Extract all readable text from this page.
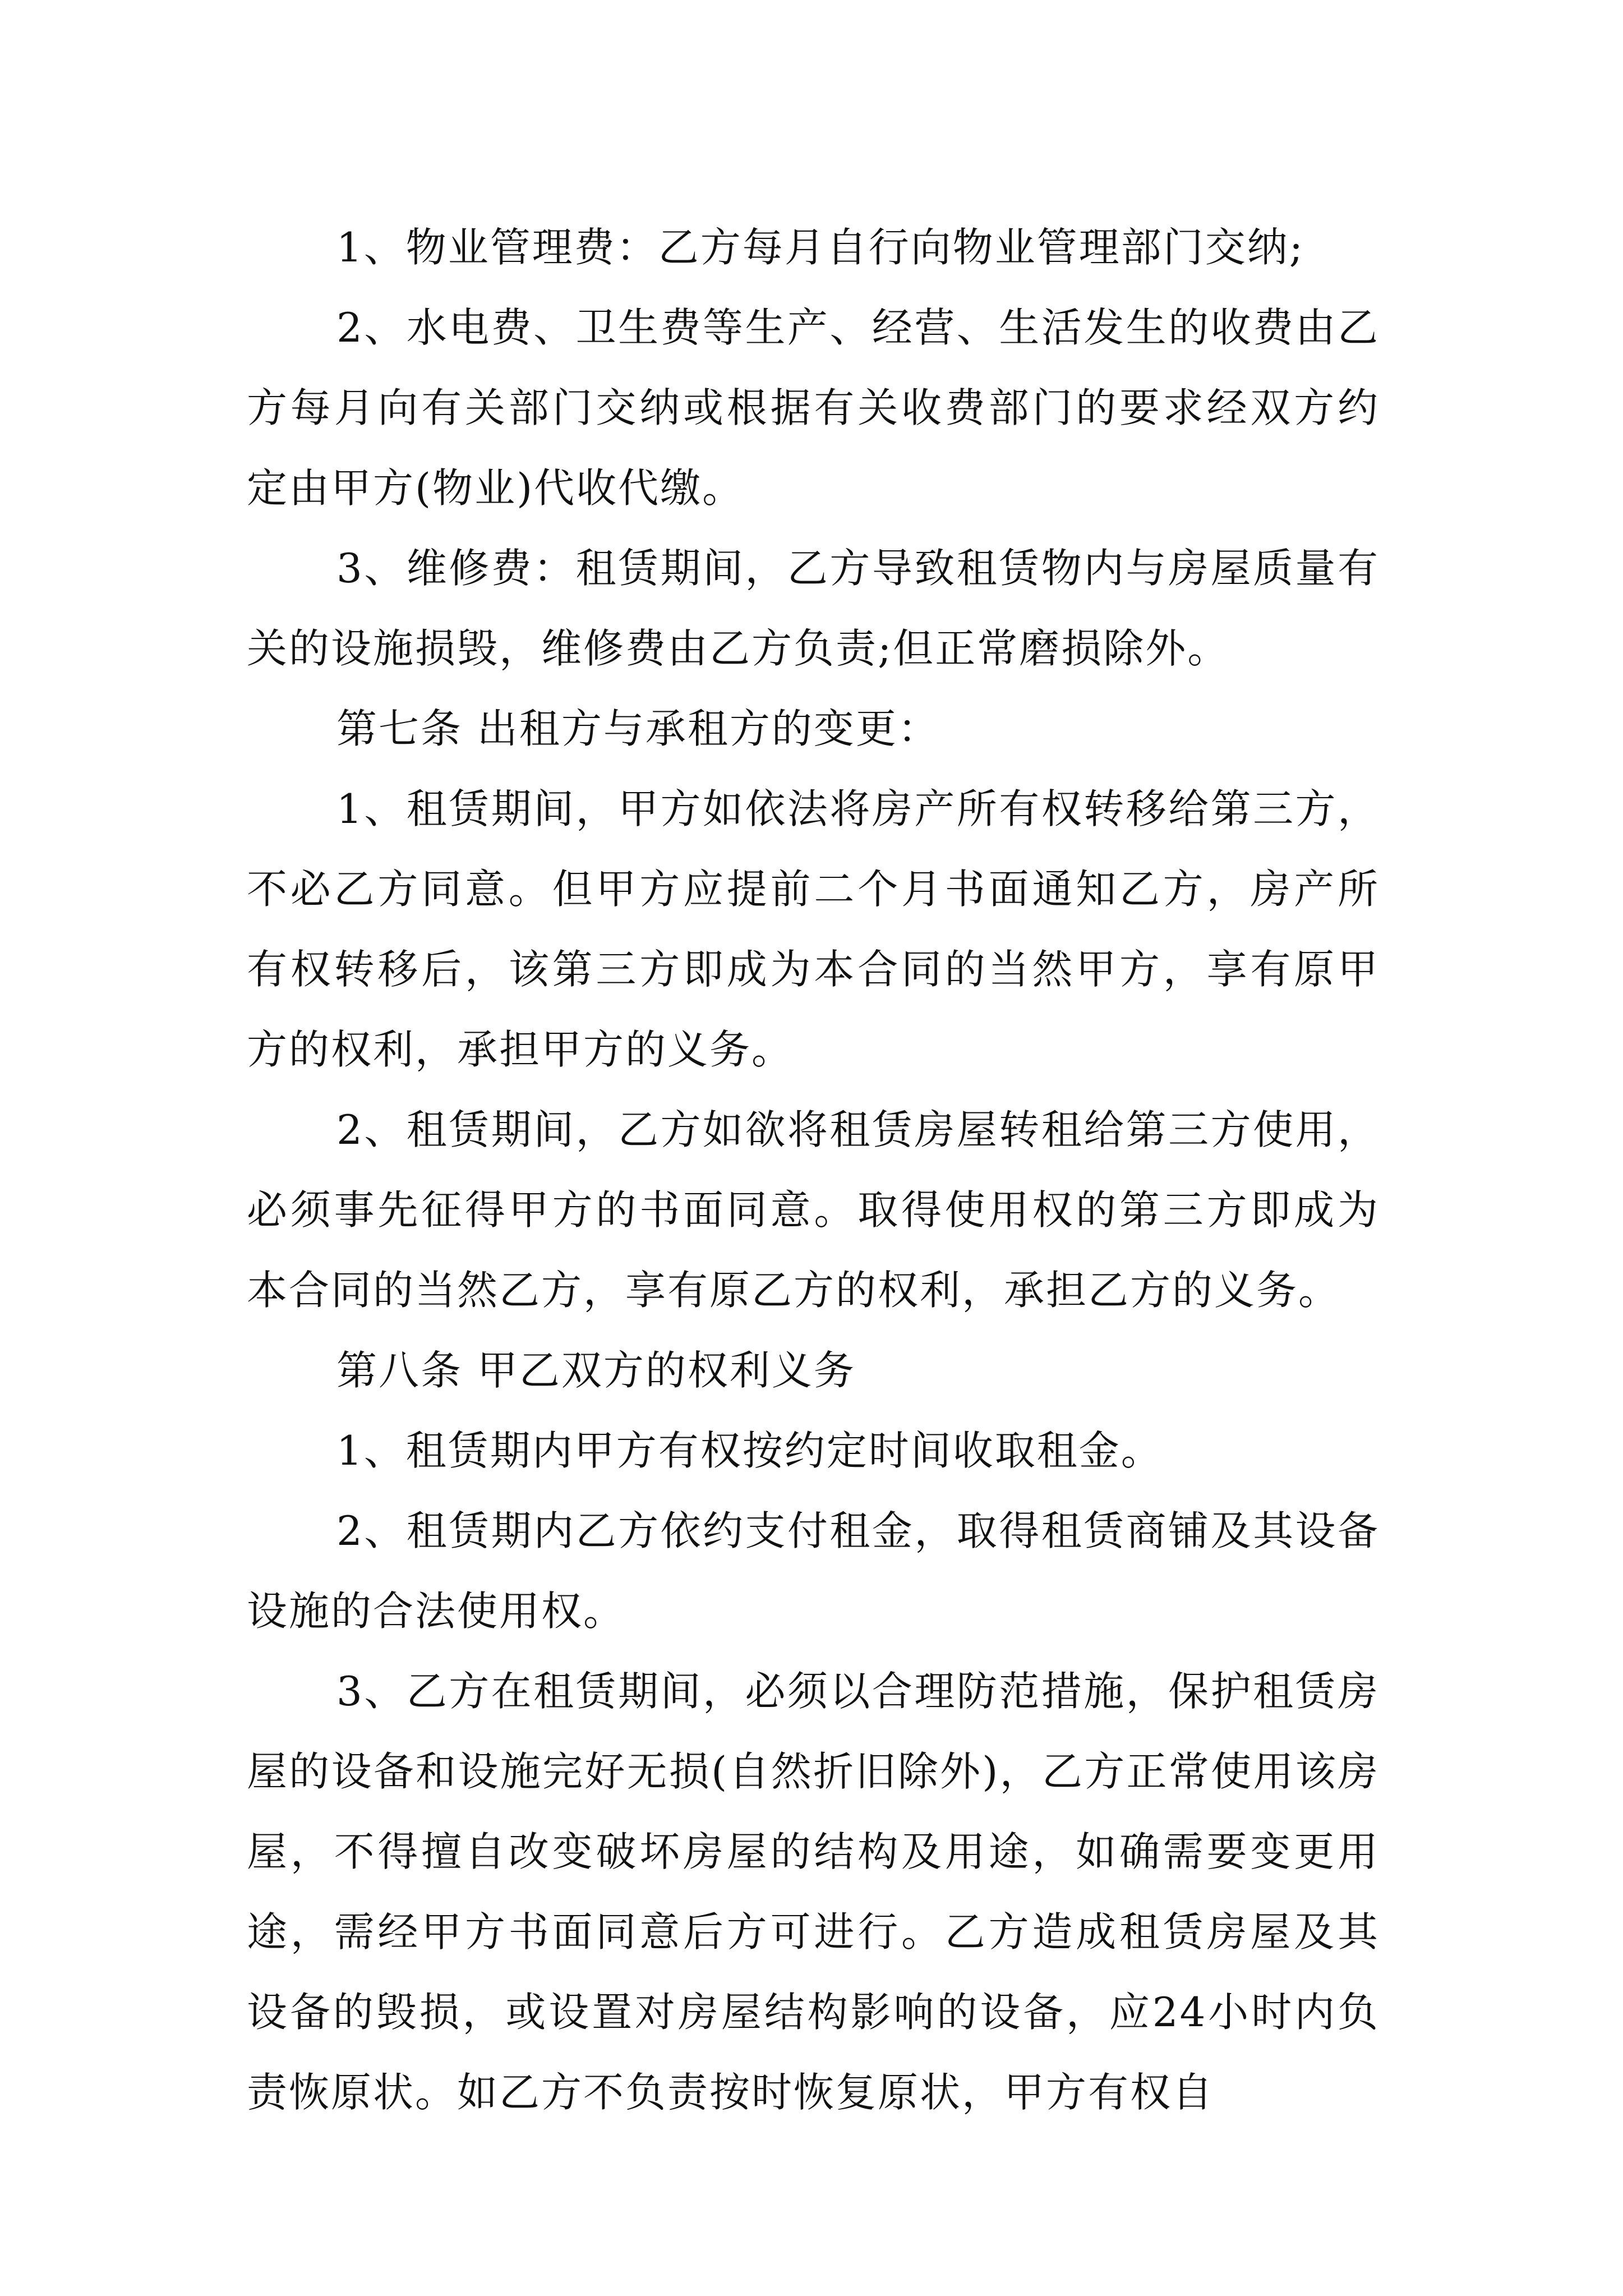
1、物业管理费：乙方每月自行向物业管理部门交纳;

2、水电费、卫生费等生产、经营、生活发生的收费由乙方每月向有关部门交纳或根据有关收费部门的要求经双方约定由甲方(物业)代收代缴。

3、维修费：租赁期间，乙方导致租赁物内与房屋质量有关的设施损毁，维修费由乙方负责;但正常磨损除外。

第七条 出租方与承租方的变更：

1、租赁期间，甲方如依法将房产所有权转移给第三方，不必乙方同意。但甲方应提前二个月书面通知乙方，房产所有权转移后，该第三方即成为本合同的当然甲方，享有原甲方的权利，承担甲方的义务。

2、租赁期间，乙方如欲将租赁房屋转租给第三方使用，必须事先征得甲方的书面同意。取得使用权的第三方即成为本合同的当然乙方，享有原乙方的权利，承担乙方的义务。

第八条 甲乙双方的权利义务

1、租赁期内甲方有权按约定时间收取租金。

2、租赁期内乙方依约支付租金，取得租赁商铺及其设备设施的合法使用权。

3、乙方在租赁期间，必须以合理防范措施，保护租赁房屋的设备和设施完好无损(自然折旧除外)，乙方正常使用该房屋，不得擅自改变破坏房屋的结构及用途，如确需要变更用途，需经甲方书面同意后方可进行。乙方造成租赁房屋及其设备的毁损，或设置对房屋结构影响的设备，应24小时内负责恢原状。如乙方不负责按时恢复原状，甲方有权自
